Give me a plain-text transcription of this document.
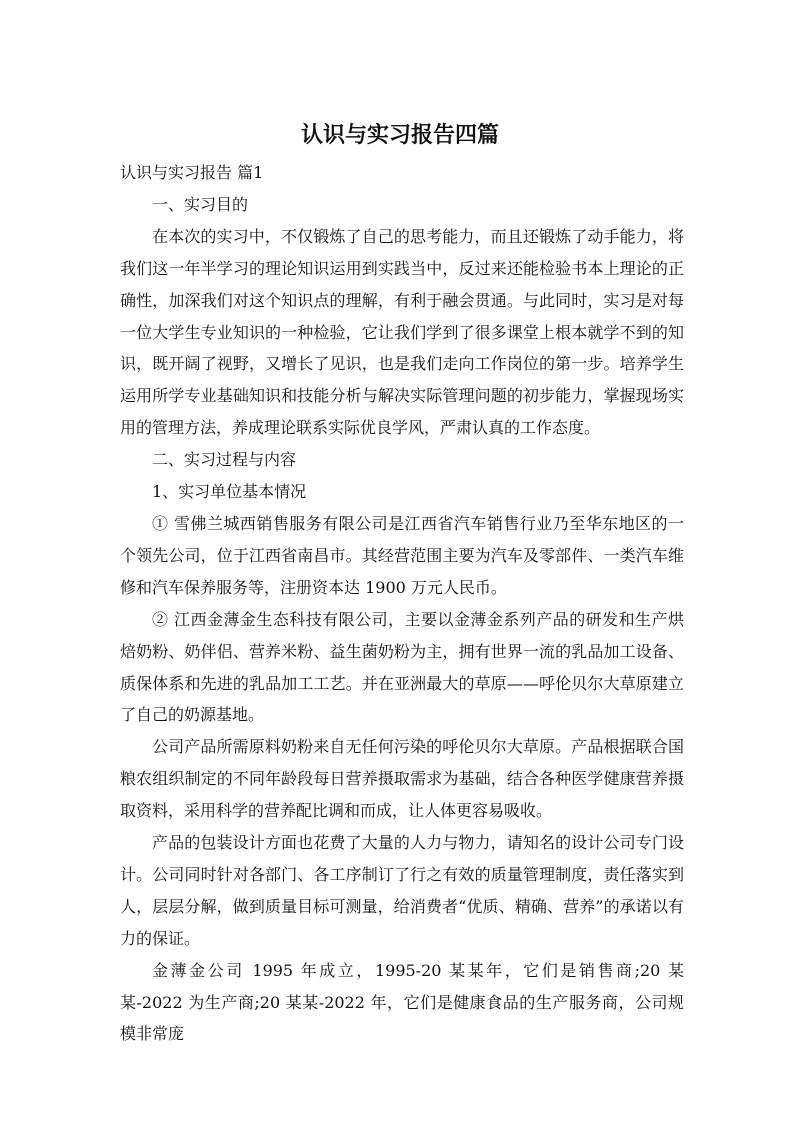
认识与实习报告四篇

认识与实习报告 篇1

一、实习目的

在本次的实习中，不仅锻炼了自己的思考能力，而且还锻炼了动手能力，将我们这一年半学习的理论知识运用到实践当中，反过来还能检验书本上理论的正确性，加深我们对这个知识点的理解，有利于融会贯通。与此同时，实习是对每一位大学生专业知识的一种检验，它让我们学到了很多课堂上根本就学不到的知识，既开阔了视野，又增长了见识，也是我们走向工作岗位的第一步。培养学生运用所学专业基础知识和技能分析与解决实际管理问题的初步能力，掌握现场实用的管理方法，养成理论联系实际优良学风，严肃认真的工作态度。

二、实习过程与内容

1、实习单位基本情况

① 雪佛兰城西销售服务有限公司是江西省汽车销售行业乃至华东地区的一个领先公司，位于江西省南昌市。其经营范围主要为汽车及零部件、一类汽车维修和汽车保养服务等，注册资本达 1900 万元人民币。

② 江西金薄金生态科技有限公司，主要以金薄金系列产品的研发和生产烘焙奶粉、奶伴侣、营养米粉、益生菌奶粉为主，拥有世界一流的乳品加工设备、质保体系和先进的乳品加工工艺。并在亚洲最大的草原——呼伦贝尔大草原建立了自己的奶源基地。

公司产品所需原料奶粉来自无任何污染的呼伦贝尔大草原。产品根据联合国粮农组织制定的不同年龄段每日营养摄取需求为基础，结合各种医学健康营养摄取资料，采用科学的营养配比调和而成，让人体更容易吸收。

产品的包装设计方面也花费了大量的人力与物力，请知名的设计公司专门设计。公司同时针对各部门、各工序制订了行之有效的质量管理制度，责任落实到人，层层分解，做到质量目标可测量，给消费者“优质、精确、营养”的承诺以有力的保证。

金薄金公司 1995 年成立，1995-20 某某年，它们是销售商;20 某某-2022 为生产商;20 某某-2022 年，它们是健康食品的生产服务商，公司规模非常庞
